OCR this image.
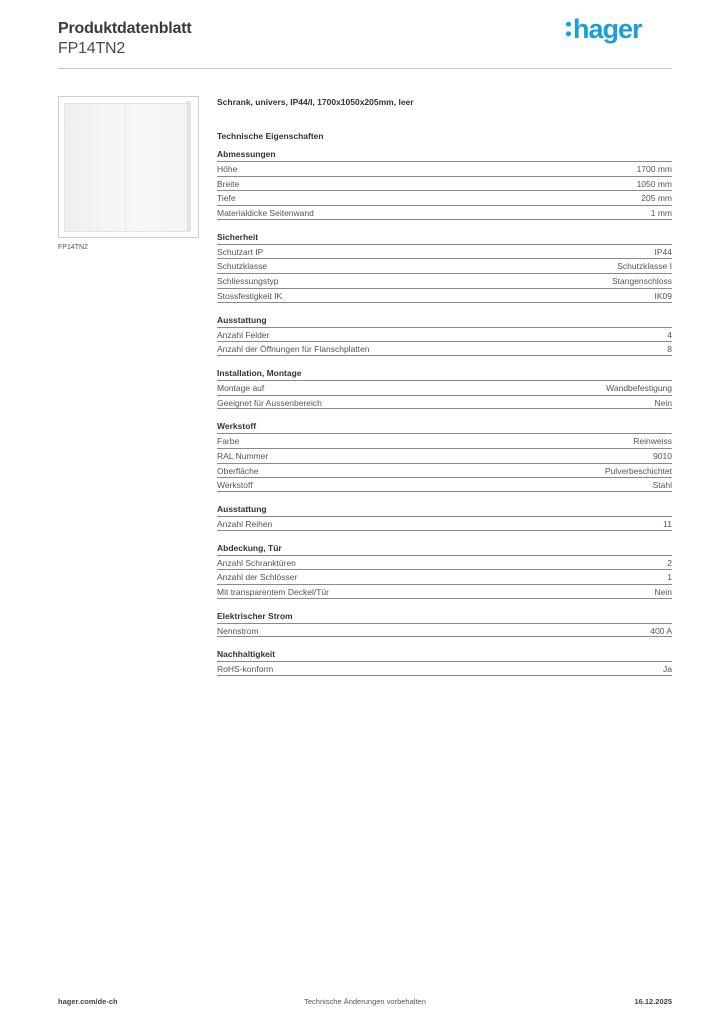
Produktdatenblatt
FP14TN2
hager
FP14TN2
Schrank, univers, IP44/I, 1700x1050x205mm, leer
Technische Eigenschaften
Abmessungen
Höhe	1700 mm
Breite	1050 mm
Tiefe	205 mm
Materialdicke Seitenwand	1 mm
Sicherheit
Schutzart IP	IP44
Schutzklasse	Schutzklasse I
Schliessungstyp	Stangenschloss
Stossfestigkeit IK	IK09
Ausstattung
Anzahl Felder	4
Anzahl der Öffnungen für Flanschplatten	8
Installation, Montage
Montage auf	Wandbefestigung
Geeignet für Aussenbereich	Nein
Werkstoff
Farbe	Reinweiss
RAL Nummer	9010
Oberfläche	Pulverbeschichtet
Werkstoff	Stahl
Ausstattung
Anzahl Reihen	11
Abdeckung, Tür
Anzahl Schranktüren	2
Anzahl der Schlösser	1
Mit transparentem Deckel/Tür	Nein
Elektrischer Strom
Nennstrom	400 A
Nachhaltigkeit
RoHS-konform	Ja
hager.com/de-ch	Technische Änderungen vorbehalten	16.12.2025
